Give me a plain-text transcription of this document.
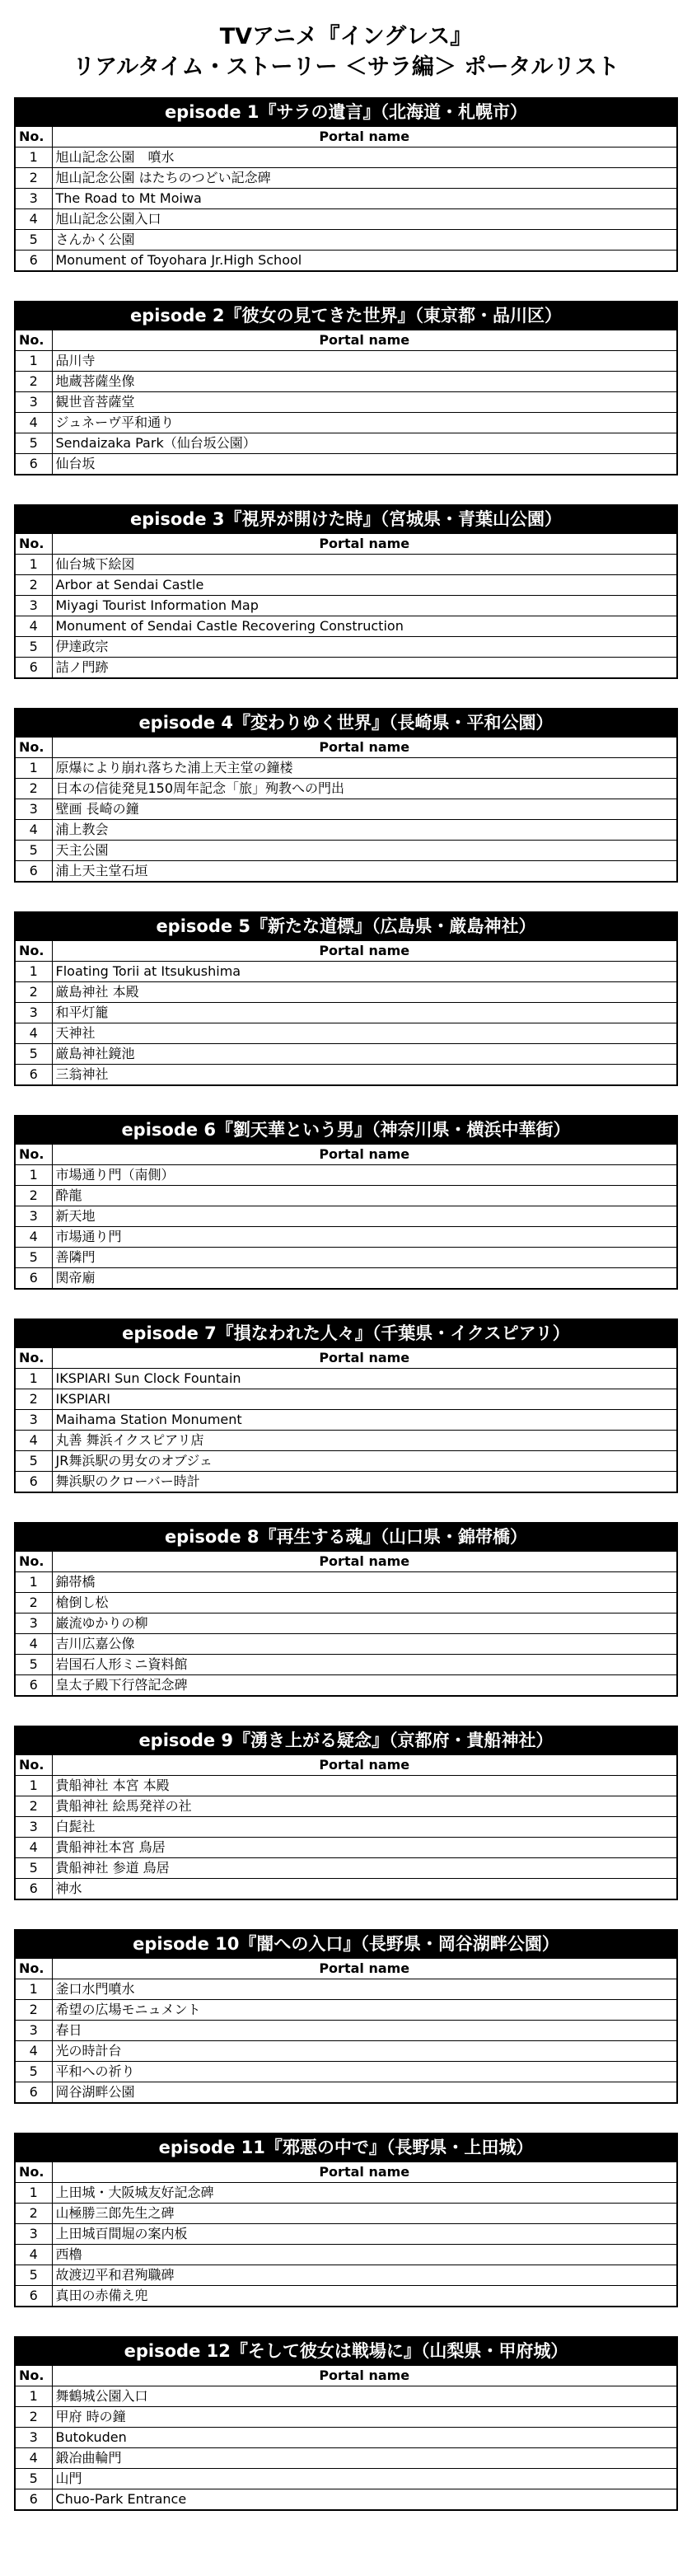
TVアニメ『イングレス』
リアルタイム・ストーリー ＜サラ編＞ ポータルリスト
episode 1『サラの遺言』（北海道・札幌市）
No.	Portal name
1	旭山記念公園　噴水
2	旭山記念公園 はたちのつどい記念碑
3	The Road to Mt Moiwa
4	旭山記念公園入口
5	さんかく公園
6	Monument of Toyohara Jr.High School
episode 2『彼女の見てきた世界』（東京都・品川区）
No.	Portal name
1	品川寺
2	地蔵菩薩坐像
3	観世音菩薩堂
4	ジュネーヴ平和通り
5	Sendaizaka Park（仙台坂公園）
6	仙台坂
episode 3『視界が開けた時』（宮城県・青葉山公園）
No.	Portal name
1	仙台城下絵図
2	Arbor at Sendai Castle
3	Miyagi Tourist Information Map
4	Monument of Sendai Castle Recovering Construction
5	伊達政宗
6	詰ノ門跡
episode 4『変わりゆく世界』（長崎県・平和公園）
No.	Portal name
1	原爆により崩れ落ちた浦上天主堂の鐘楼
2	日本の信徒発見150周年記念「旅」殉教への門出
3	壁画 長崎の鐘
4	浦上教会
5	天主公園
6	浦上天主堂石垣
episode 5『新たな道標』（広島県・厳島神社）
No.	Portal name
1	Floating Torii at Itsukushima
2	厳島神社 本殿
3	和平灯籠
4	天神社
5	厳島神社鏡池
6	三翁神社
episode 6『劉天華という男』（神奈川県・横浜中華街）
No.	Portal name
1	市場通り門（南側）
2	酔龍
3	新天地
4	市場通り門
5	善隣門
6	関帝廟
episode 7『損なわれた人々』（千葉県・イクスピアリ）
No.	Portal name
1	IKSPIARI Sun Clock Fountain
2	IKSPIARI
3	Maihama Station Monument
4	丸善 舞浜イクスピアリ店
5	JR舞浜駅の男女のオブジェ
6	舞浜駅のクローバー時計
episode 8『再生する魂』（山口県・錦帯橋）
No.	Portal name
1	錦帯橋
2	槍倒し松
3	巌流ゆかりの柳
4	吉川広嘉公像
5	岩国石人形ミニ資料館
6	皇太子殿下行啓記念碑
episode 9『湧き上がる疑念』（京都府・貴船神社）
No.	Portal name
1	貴船神社 本宮 本殿
2	貴船神社 絵馬発祥の社
3	白髭社
4	貴船神社本宮 鳥居
5	貴船神社 参道 鳥居
6	神水
episode 10『闇への入口』（長野県・岡谷湖畔公園）
No.	Portal name
1	釜口水門噴水
2	希望の広場モニュメント
3	春日
4	光の時計台
5	平和への祈り
6	岡谷湖畔公園
episode 11『邪悪の中で』（長野県・上田城）
No.	Portal name
1	上田城・大阪城友好記念碑
2	山極勝三郎先生之碑
3	上田城百間堀の案内板
4	西櫓
5	故渡辺平和君殉職碑
6	真田の赤備え兜
episode 12『そして彼女は戦場に』（山梨県・甲府城）
No.	Portal name
1	舞鶴城公園入口
2	甲府 時の鐘
3	Butokuden
4	鍛冶曲輪門
5	山門
6	Chuo-Park Entrance
